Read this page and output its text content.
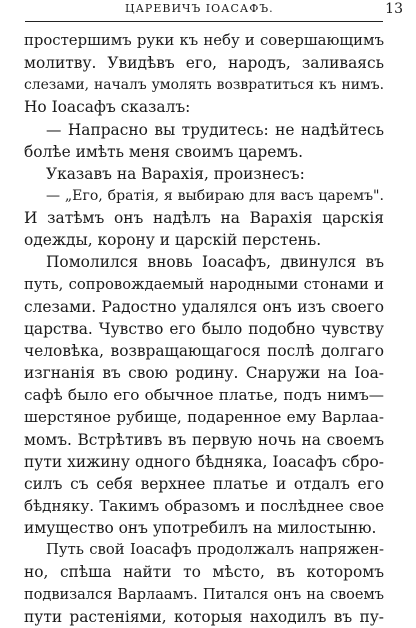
ЦАРЕВИЧЪ ІОАСАФЪ.	13
простершимъ руки къ небу и совершающимъ
молитву. Увидѣвъ его, народъ, заливаясь
слезами, началъ умолять возвратиться къ нимъ.
Но Іоасафъ сказалъ:
— Напрасно вы трудитесь: не надѣйтесь
болѣе имѣть меня своимъ царемъ.
Указавъ на Варахія, произнесъ:
— „Его, братія, я выбираю для васъ царемъ".
И затѣмъ онъ надѣлъ на Варахія царскія
одежды, корону и царскій перстень.
Помолился вновь Іоасафъ, двинулся въ
путь, сопровождаемый народными стонами и
слезами. Радостно удалялся онъ изъ своего
царства. Чувство его было подобно чувству
человѣка, возвращающагося послѣ долгаго
изгнанія въ свою родину. Снаружи на Іоа-
сафѣ было его обычное платье, подъ нимъ—
шерстяное рубище, подаренное ему Варлаа-
момъ. Встрѣтивъ въ первую ночь на своемъ
пути хижину одного бѣдняка, Іоасафъ сбро-
силъ съ себя верхнее платье и отдалъ его
бѣдняку. Такимъ образомъ и послѣднее свое
имущество онъ употребилъ на милостыню.
Путь свой Іоасафъ продолжалъ напряжен-
но, спѣша найти то мѣсто, въ которомъ
подвизался Варлаамъ. Питался онъ на своемъ
пути растеніями, которыя находилъ въ пу-
